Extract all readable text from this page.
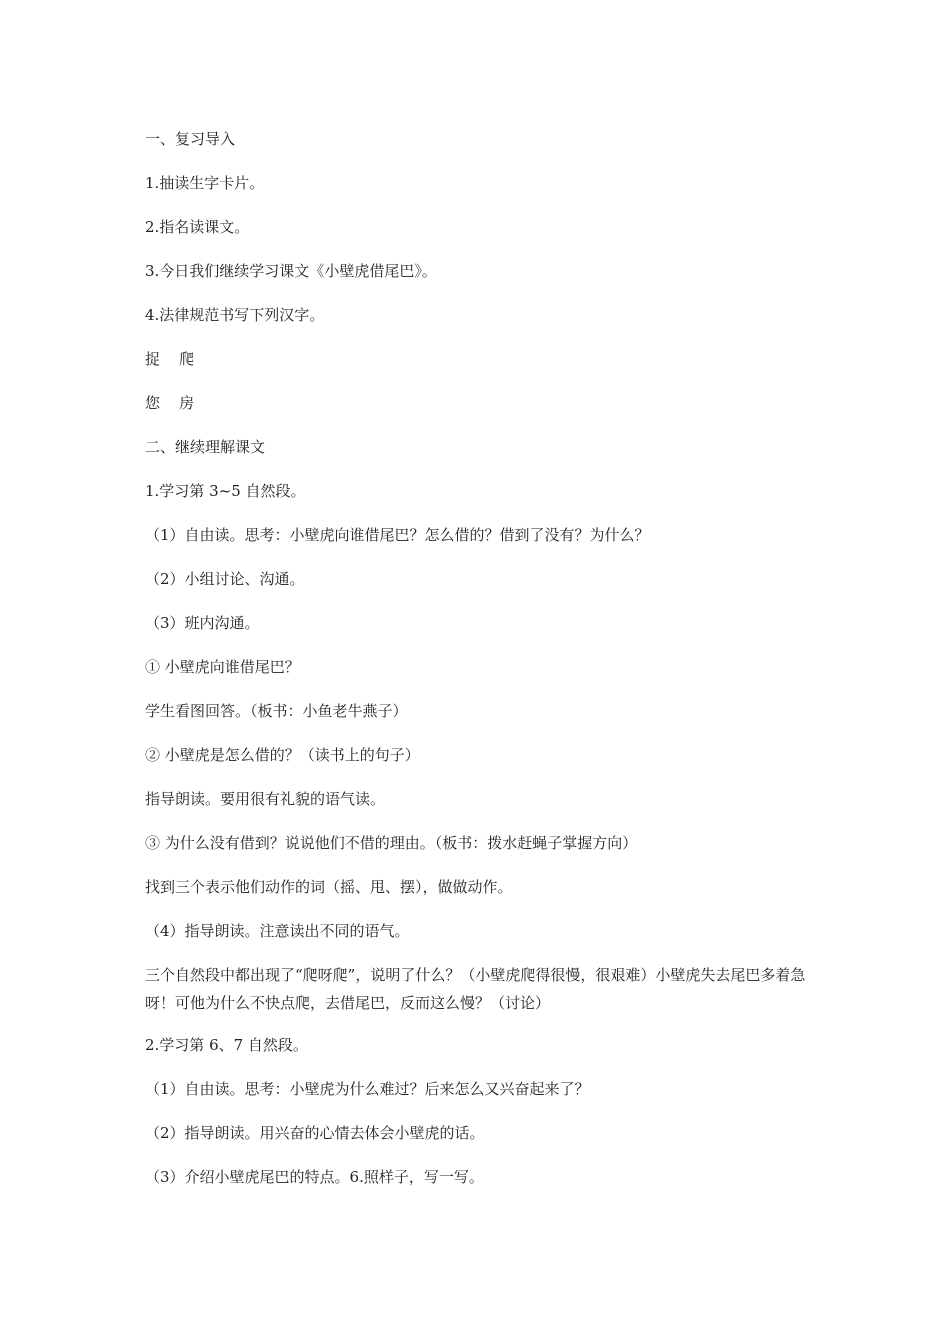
一、复习导入

1.抽读生字卡片。

2.指名读课文。

3.今日我们继续学习课文《小壁虎借尾巴》。

4.法律规范书写下列汉字。

捉    爬

您    房

二、继续理解课文

1.学习第 3~5 自然段。

（1）自由读。思考：小壁虎向谁借尾巴？怎么借的？借到了没有？为什么？

（2）小组讨论、沟通。

（3）班内沟通。

① 小壁虎向谁借尾巴？

学生看图回答。（板书：小鱼老牛燕子）

② 小壁虎是怎么借的？（读书上的句子）

指导朗读。要用很有礼貌的语气读。

③ 为什么没有借到？说说他们不借的理由。（板书：拨水赶蝇子掌握方向）

找到三个表示他们动作的词（摇、甩、摆），做做动作。

（4）指导朗读。注意读出不同的语气。

三个自然段中都出现了“爬呀爬”，说明了什么？（小壁虎爬得很慢，很艰难）小壁虎失去尾巴多着急呀！可他为什么不快点爬，去借尾巴，反而这么慢？（讨论）

2.学习第 6、7 自然段。

（1）自由读。思考：小壁虎为什么难过？后来怎么又兴奋起来了？

（2）指导朗读。用兴奋的心情去体会小壁虎的话。

（3）介绍小壁虎尾巴的特点。6.照样子，写一写。
